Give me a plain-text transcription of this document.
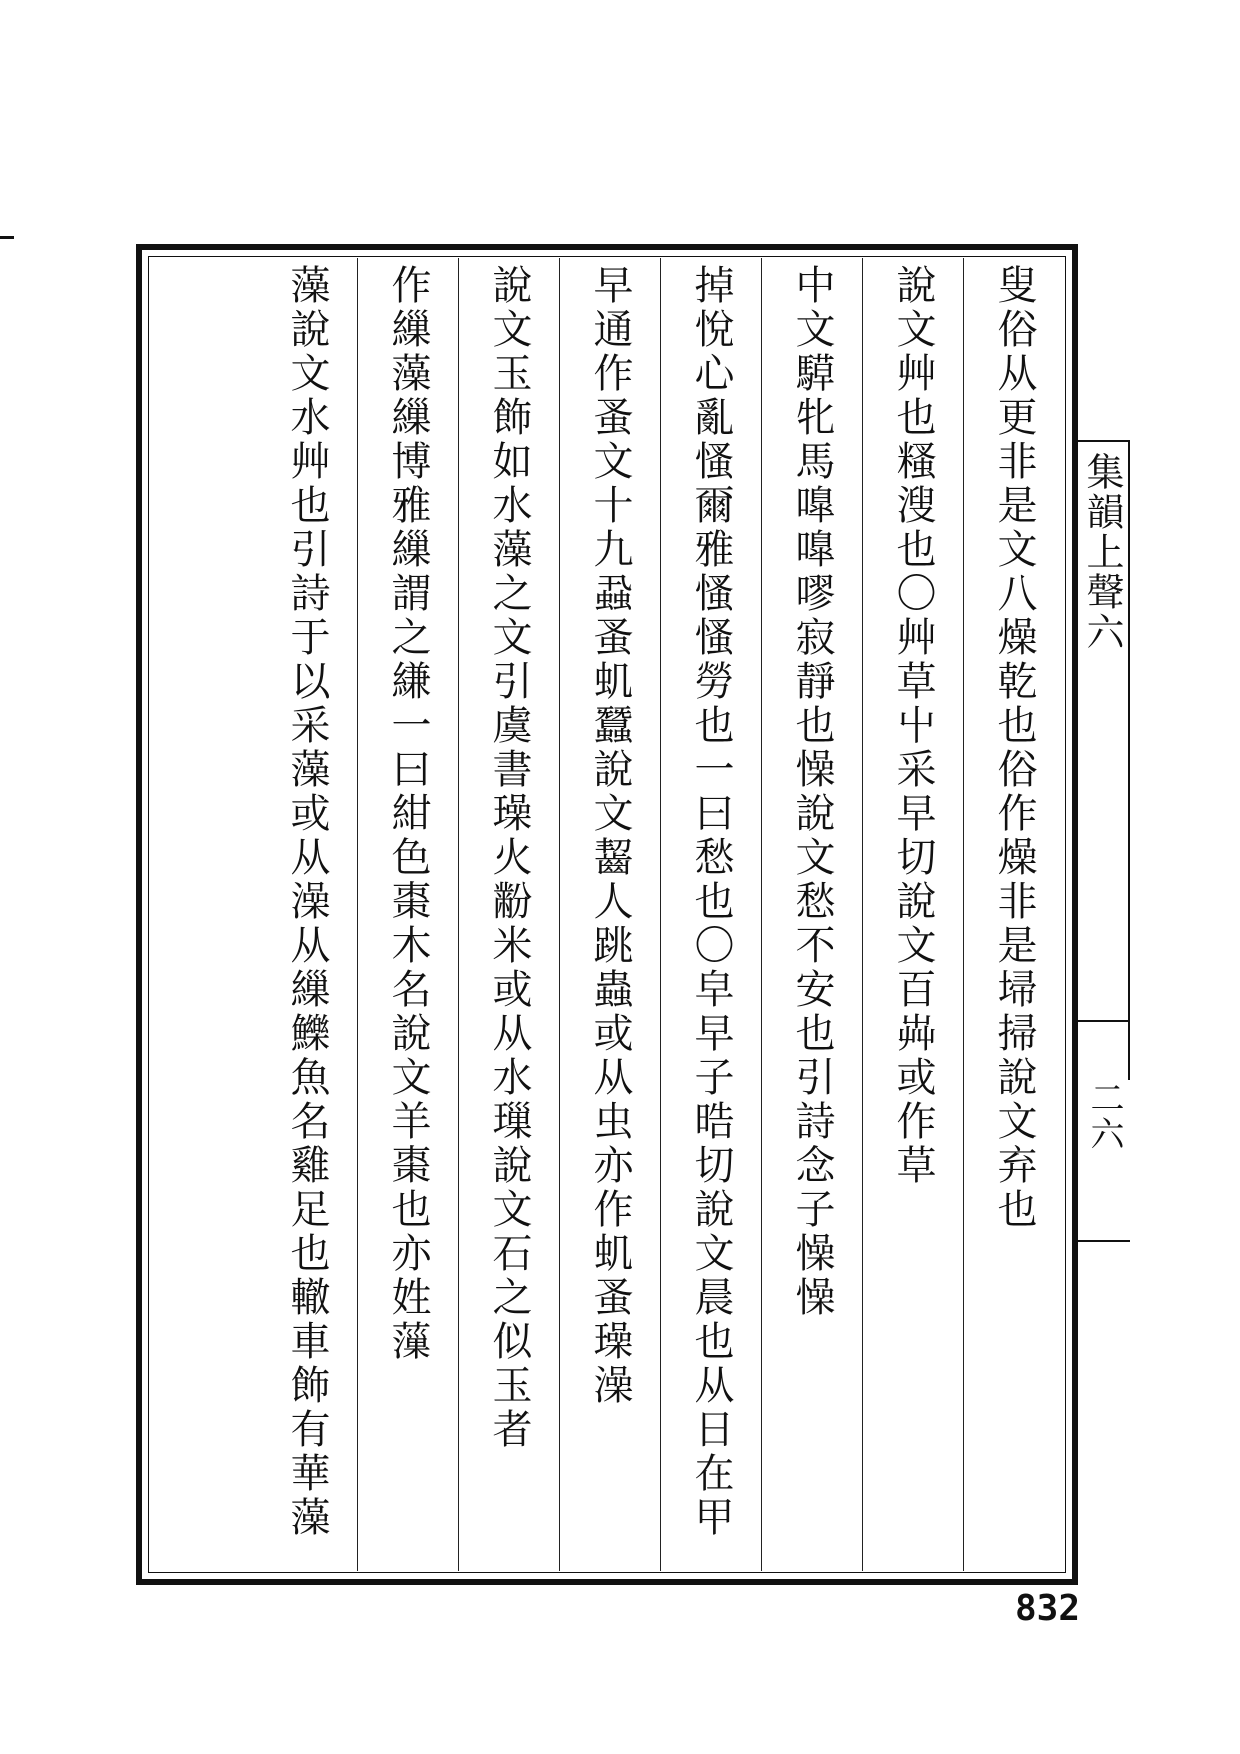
叟俗从更非是文八燥乾也俗作燥非是埽掃說文弃也
說文艸也糔溲也〇艸草屮采早切說文百芔或作草
中文騲牝馬嘷嘷嘐寂靜也懆說文愁不安也引詩念子懆懆
掉悅心亂慅爾雅慅慅勞也一曰愁也〇皁早子晧切說文晨也从日在甲
早通作蚤文十九蝨蚤虮蠶說文齧人跳蟲或从虫亦作虮蚤璪澡
說文玉飾如水藻之文引虞書璪火黺米或从水璅說文石之似玉者
作繅藻繅博雅繅謂之縑一曰紺色棗木名說文羊棗也亦姓薻
藻說文水艸也引詩于以采藻或从澡从繅鱳魚名雞足也轍車飾有華藻
集韻上聲六
二六
832
